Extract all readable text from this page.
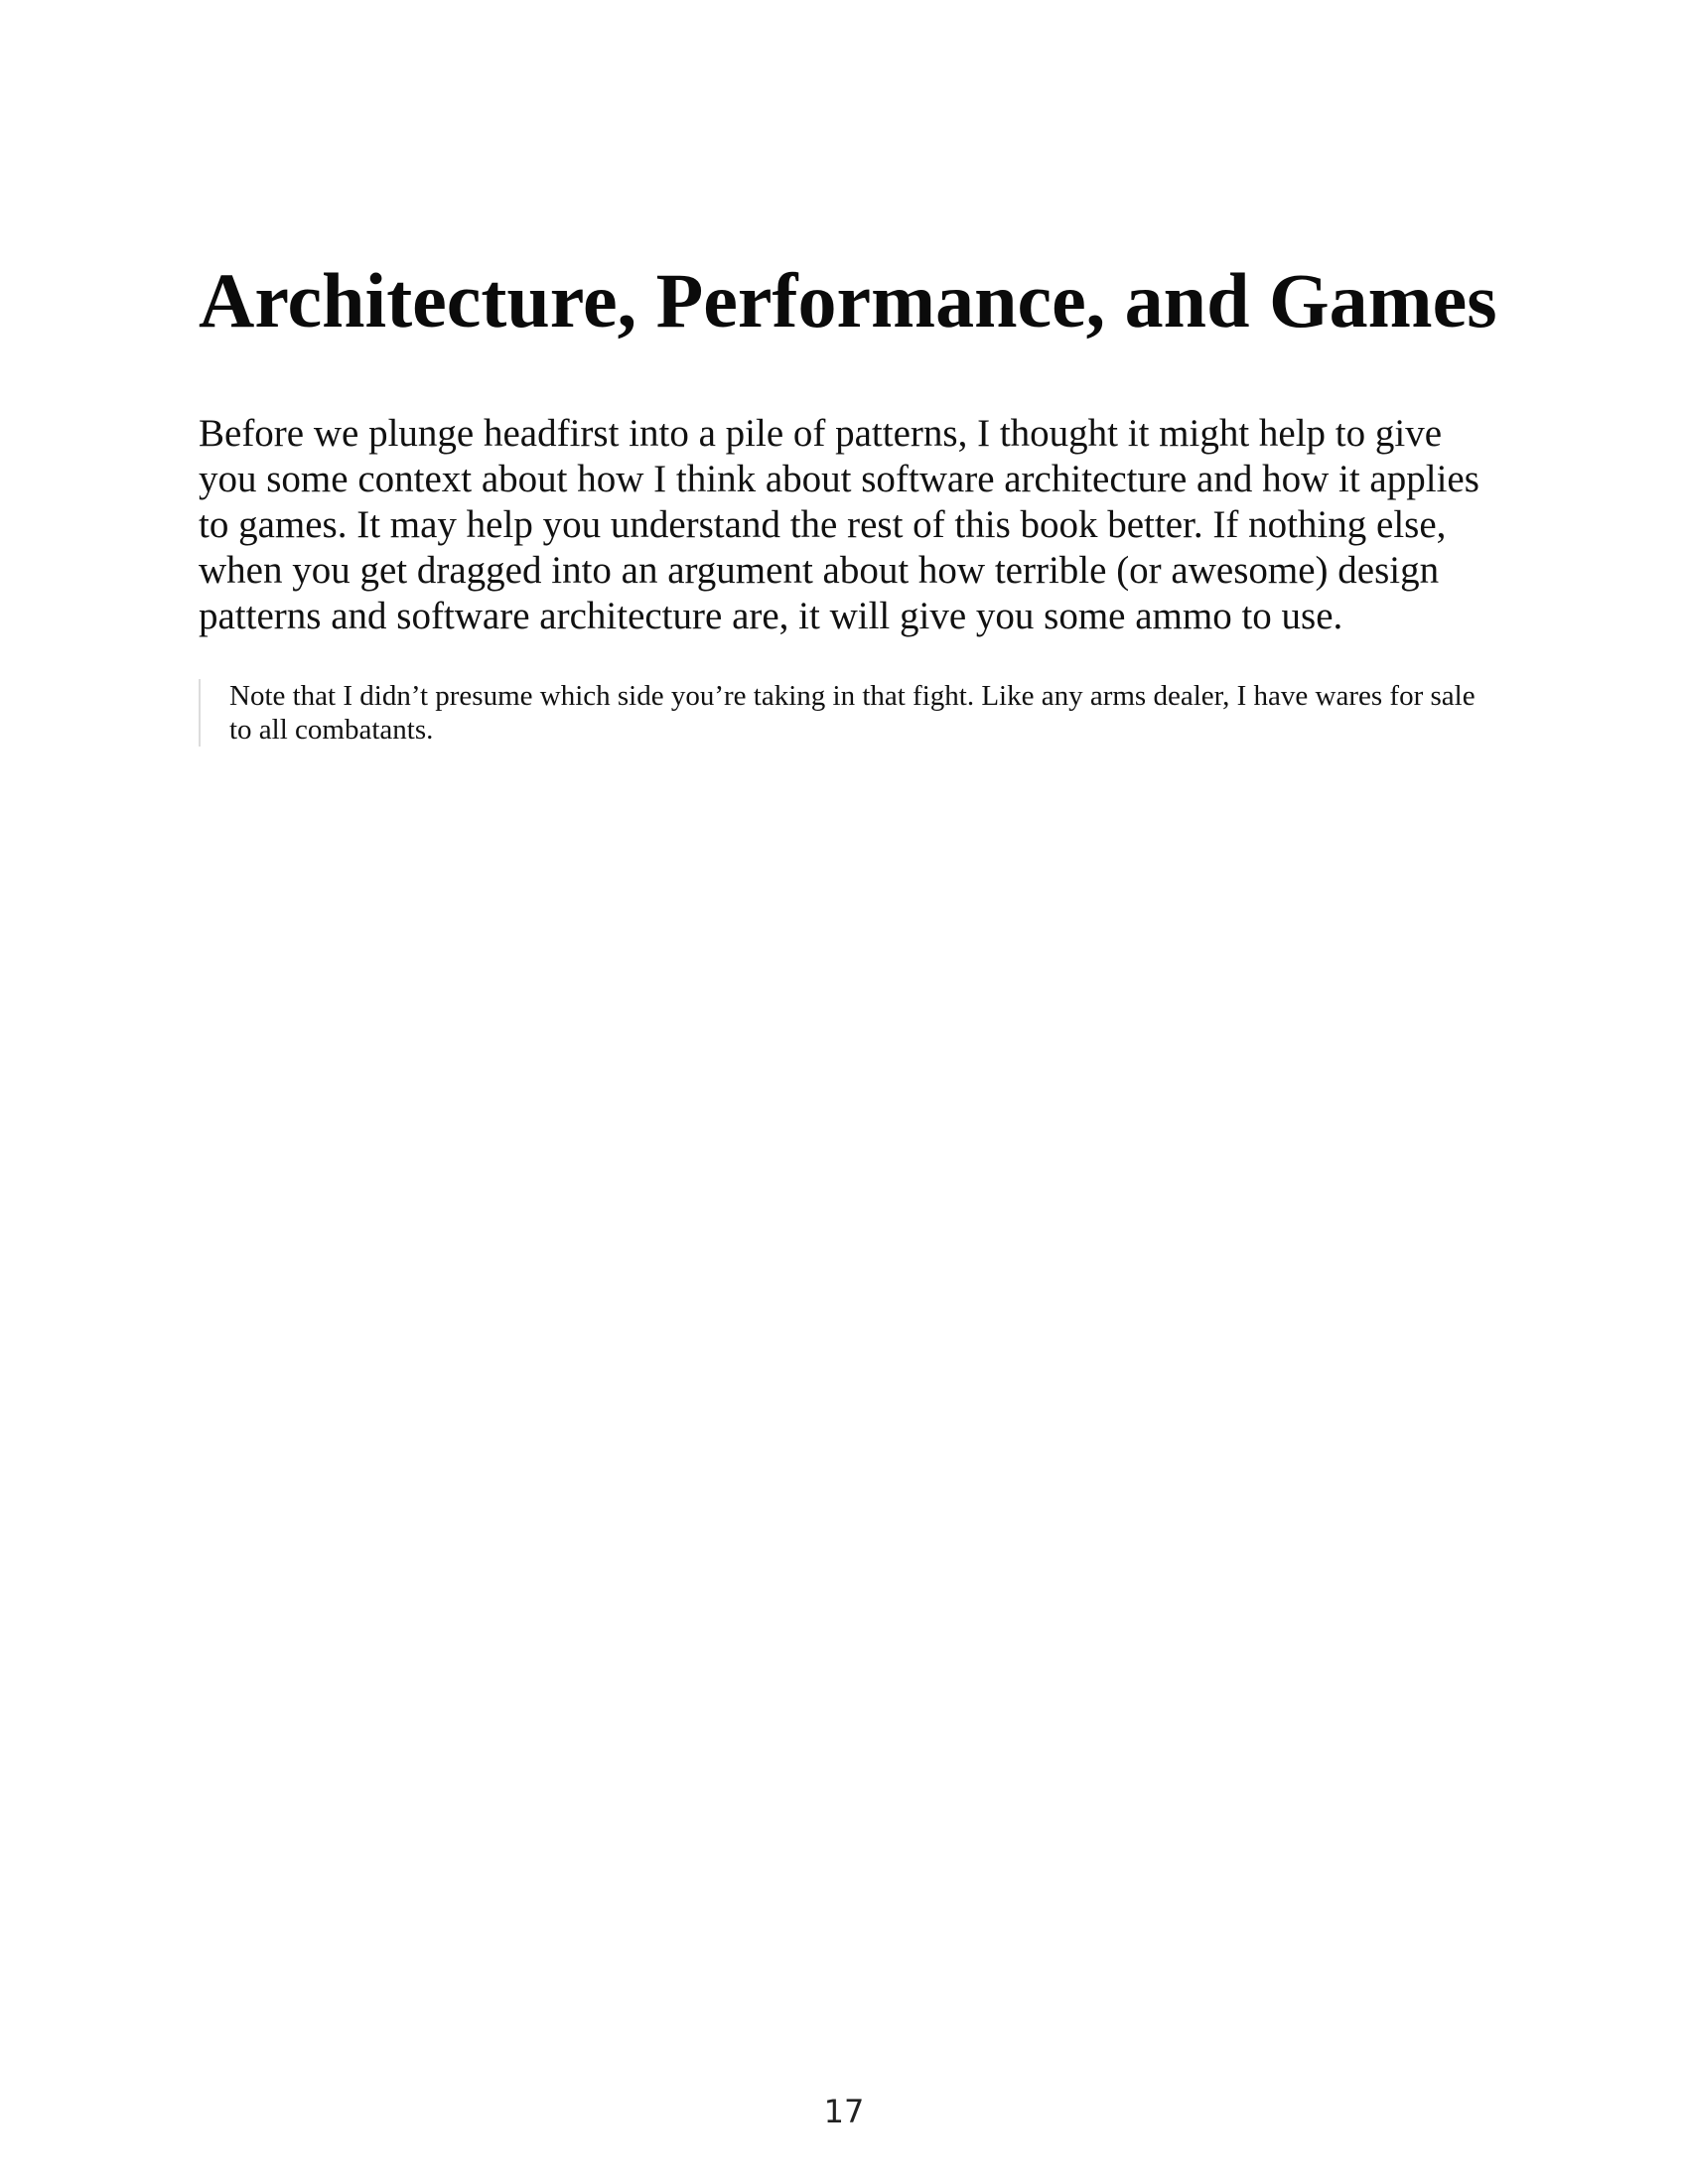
Architecture, Performance, and Games

Before we plunge headfirst into a pile of patterns, I thought it might help to give you some context about how I think about software architecture and how it applies to games. It may help you understand the rest of this book better. If nothing else, when you get dragged into an argument about how terrible (or awesome) design patterns and software architecture are, it will give you some ammo to use.

Note that I didn’t presume which side you’re taking in that fight. Like any arms dealer, I have wares for sale to all combatants.
17
